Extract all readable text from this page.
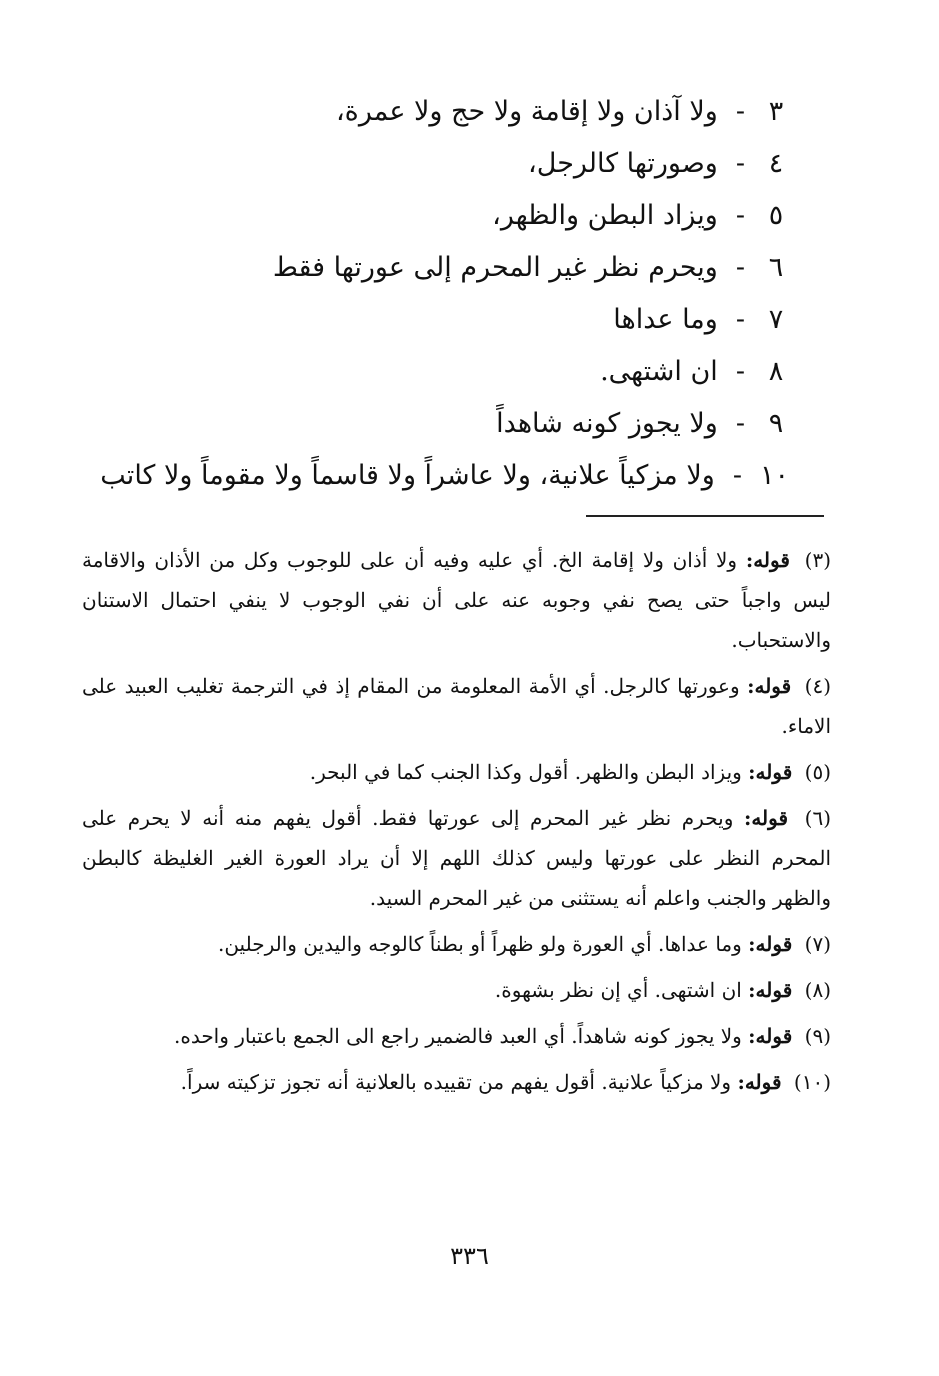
٣ - ولا آذان ولا إقامة ولا حج ولا عمرة،
٤ - وصورتها كالرجل،
٥ - ويزاد البطن والظهر،
٦ - ويحرم نظر غير المحرم إلى عورتها فقط
٧ - وما عداها
٨ - ان اشتهى.
٩ - ولا يجوز كونه شاهداً
١٠ - ولا مزكياً علانية، ولا عاشراً ولا قاسماً ولا مقوماً ولا كاتب
(٣) قوله: ولا أذان ولا إقامة الخ. أي عليه وفيه أن على للوجوب وكل من الأذان والاقامة ليس واجباً حتى يصح نفي وجوبه عنه على أن نفي الوجوب لا ينفي احتمال الاستنان والاستحباب.
(٤) قوله: وعورتها كالرجل. أي الأمة المعلومة من المقام إذ في الترجمة تغليب العبيد على الاماء.
(٥) قوله: ويزاد البطن والظهر. أقول وكذا الجنب كما في البحر.
(٦) قوله: ويحرم نظر غير المحرم إلى عورتها فقط. أقول يفهم منه أنه لا يحرم على المحرم النظر على عورتها وليس كذلك اللهم إلا أن يراد العورة الغير الغليظة كالبطن والظهر والجنب واعلم أنه يستثنى من غير المحرم السيد.
(٧) قوله: وما عداها. أي العورة ولو ظهراً أو بطناً كالوجه واليدين والرجلين.
(٨) قوله: ان اشتهى. أي إن نظر بشهوة.
(٩) قوله: ولا يجوز كونه شاهداً. أي العبد فالضمير راجع الى الجمع باعتبار واحده.
(١٠) قوله: ولا مزكياً علانية. أقول يفهم من تقييده بالعلانية أنه تجوز تزكيته سراً.
٣٣٦
